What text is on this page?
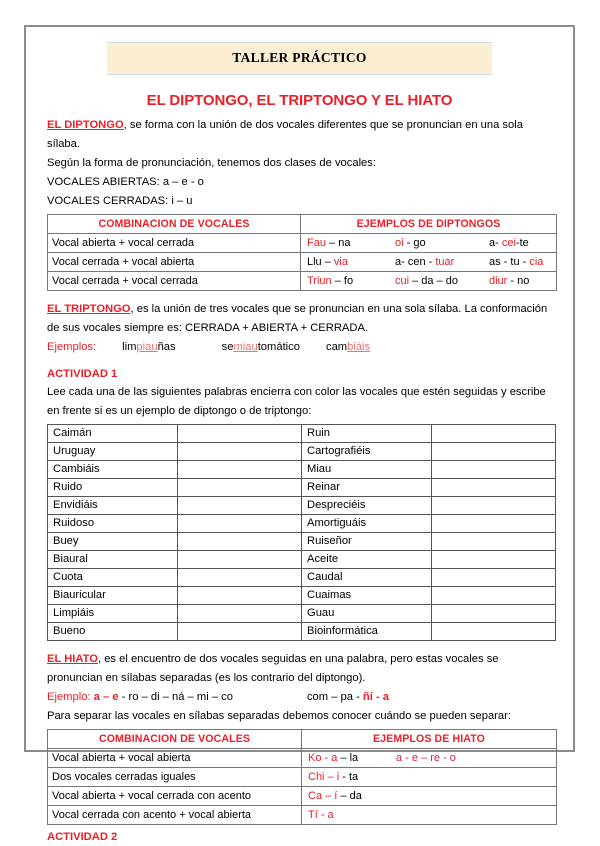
TALLER PRÁCTICO
EL DIPTONGO, EL TRIPTONGO Y EL HIATO

EL DIPTONGO, se forma con la unión de dos vocales diferentes que se pronuncian en una sola sílaba.

Según la forma de pronunciación, tenemos dos clases de vocales:

VOCALES ABIERTAS: a – e - o

VOCALES CERRADAS: i – u

COMBINACION DE VOCALES	EJEMPLOS DE DIPTONGOS
Vocal abierta + vocal cerrada	Fau – na oi - go a- cei-te
Vocal cerrada + vocal abierta	Llu – via a- cen - tuar as - tu - cia
Vocal cerrada + vocal cerrada	Triun – fo cui – da – do diur - no

EL TRIPTONGO, es la unión de tres vocales que se pronuncian en una sola sílaba. La conformación de sus vocales siempre es: CERRADA + ABIERTA + CERRADA.

Ejemplos: limpiauñas	semiautomático cambiáis

ACTIVIDAD 1

Lee cada una de las siguientes palabras encierra con color las vocales que estén seguidas y escribe en frente si es un ejemplo de diptongo o de triptongo:

Caimán		Ruin	
Uruguay		Cartografiéis	
Cambiáis		Miau	
Ruido		Reinar	
Envidiáis		Despreciéis	
Ruidoso		Amortiguáis	
Buey		Ruiseñor	
Biaural		Aceite	
Cuota		Caudal	
Biauricular		Cuaimas	
Limpiáis		Guau	
Bueno		Bioinformática	

EL HIATO, es el encuentro de dos vocales seguidas en una palabra, pero estas vocales se pronuncian en sílabas separadas (es los contrario del diptongo).

Ejemplo: a – e - ro – di – ná – mi – co	com – pa - ñí - a

Para separar las vocales en sílabas separadas debemos conocer cuándo se pueden separar:

COMBINACION DE VOCALES	EJEMPLOS DE HIATO
Vocal abierta + vocal abierta	Ko - a – la a - e – re - o
Dos vocales cerradas iguales	Chi – i - ta
Vocal abierta + vocal cerrada con acento	Ca – í – da
Vocal cerrada con acento + vocal abierta	Tí - a

ACTIVIDAD 2
